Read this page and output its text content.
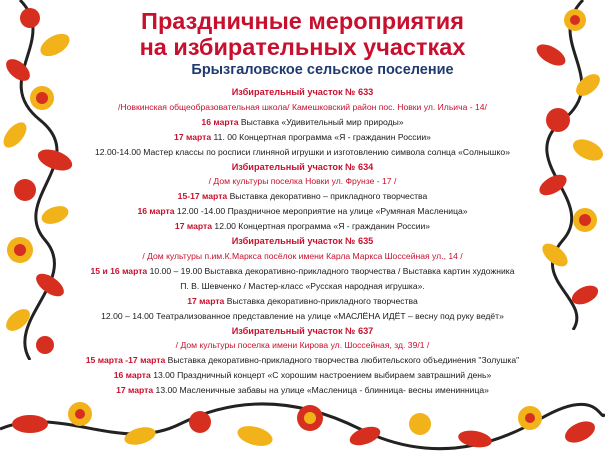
Праздничные мероприятия
на избирательных участках
Брызгаловское сельское поселение
Избирательный участок № 633
/Новкинская общеобразовательная школа/ Камешковский район пос. Новки ул. Ильича - 14/
16 марта Выставка «Удивительный мир природы»
17 марта 11. 00 Концертная программа «Я - гражданин России»
12.00-14.00 Мастер классы по росписи глиняной игрушки и изготовлению символа солнца «Солнышко»
Избирательный участок № 634
/ Дом культуры поселка Новки ул. Фрунзе - 17 /
15-17 марта Выставка декоративно – прикладного творчества
16 марта 12.00 -14.00 Праздничное мероприятие на улице «Румяная Масленица»
17 марта 12.00 Концертная программа «Я - гражданин России»
Избирательный участок № 635
/ Дом культуры п.им.К.Маркса посёлок имени Карла Маркса Шоссейная ул., 14 /
15 и 16 марта 10.00 – 19.00 Выставка декоративно-прикладного творчества / Выставка картин художника
П. В. Шевченко / Мастер-класс «Русская народная игрушка».
17 марта Выставка декоративно-прикладного творчества
12.00 – 14.00 Театрализованное представление на улице «МАСЛЁНА ИДЁТ – весну под руку ведёт»
Избирательный участок № 637
/ Дом культуры поселка имени Кирова ул. Шоссейная, зд. 39/1 /
15 марта -17 марта Выставка декоративно-прикладного творчества любительского объединения "Золушка"
16 марта 13.00 Праздничный концерт «С хорошим настроением выбираем завтрашний день»
17 марта 13.00 Масленичные забавы на улице «Масленица - блинница- весны именинница»
